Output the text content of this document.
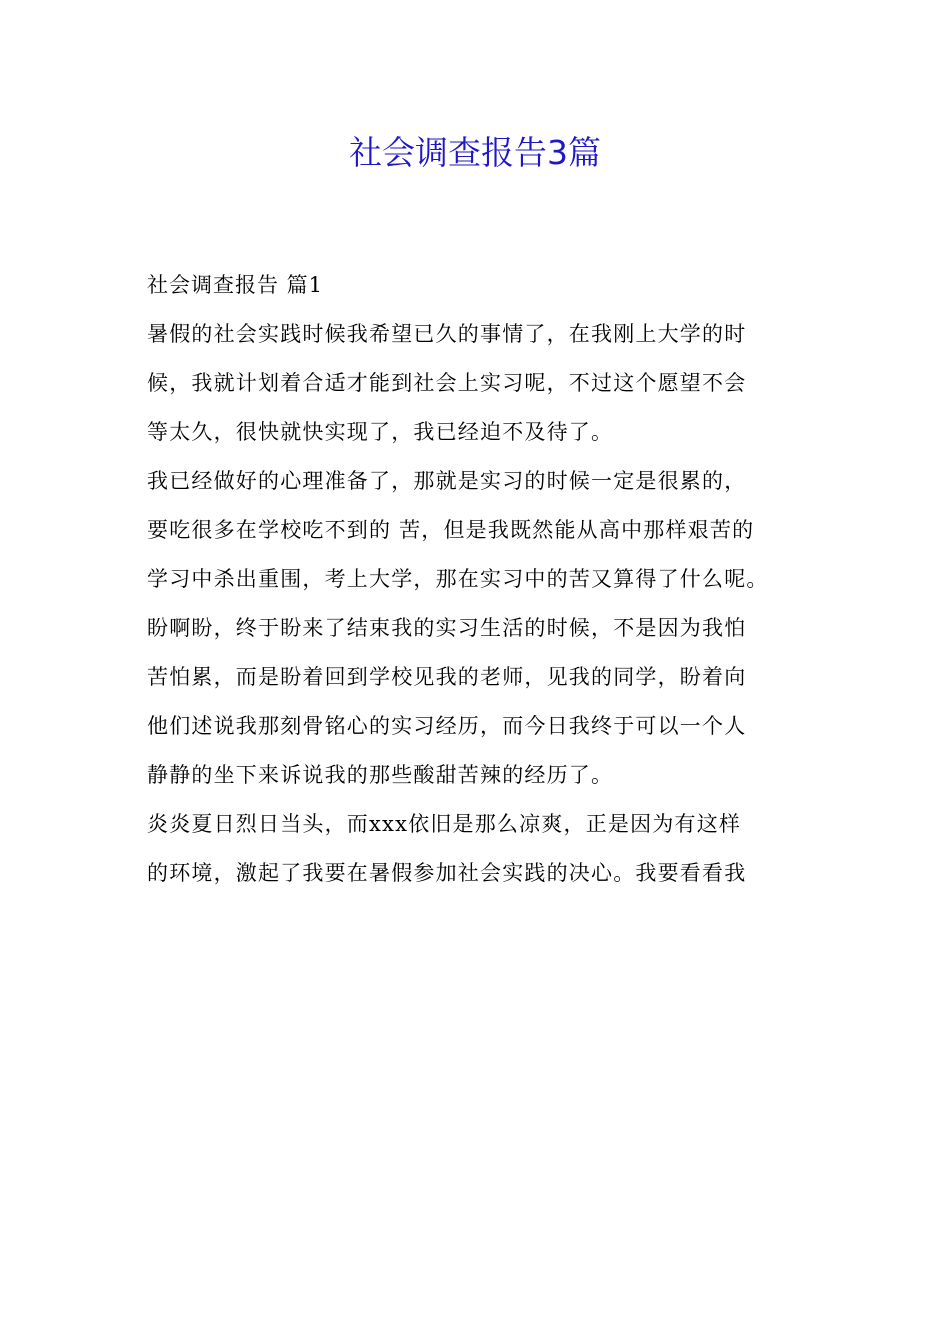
社会调查报告3篇
社会调查报告 篇1
暑假的社会实践时候我希望已久的事情了，在我刚上大学的时
候，我就计划着合适才能到社会上实习呢，不过这个愿望不会
等太久，很快就快实现了，我已经迫不及待了。
我已经做好的心理准备了，那就是实习的时候一定是很累的，
要吃很多在学校吃不到的 苦，但是我既然能从高中那样艰苦的
学习中杀出重围，考上大学，那在实习中的苦又算得了什么呢。
盼啊盼，终于盼来了结束我的实习生活的时候，不是因为我怕
苦怕累，而是盼着回到学校见我的老师，见我的同学，盼着向
他们述说我那刻骨铭心的实习经历，而今日我终于可以一个人
静静的坐下来诉说我的那些酸甜苦辣的经历了。
炎炎夏日烈日当头，而xxx依旧是那么凉爽，正是因为有这样
的环境，激起了我要在暑假参加社会实践的决心。我要看看我
